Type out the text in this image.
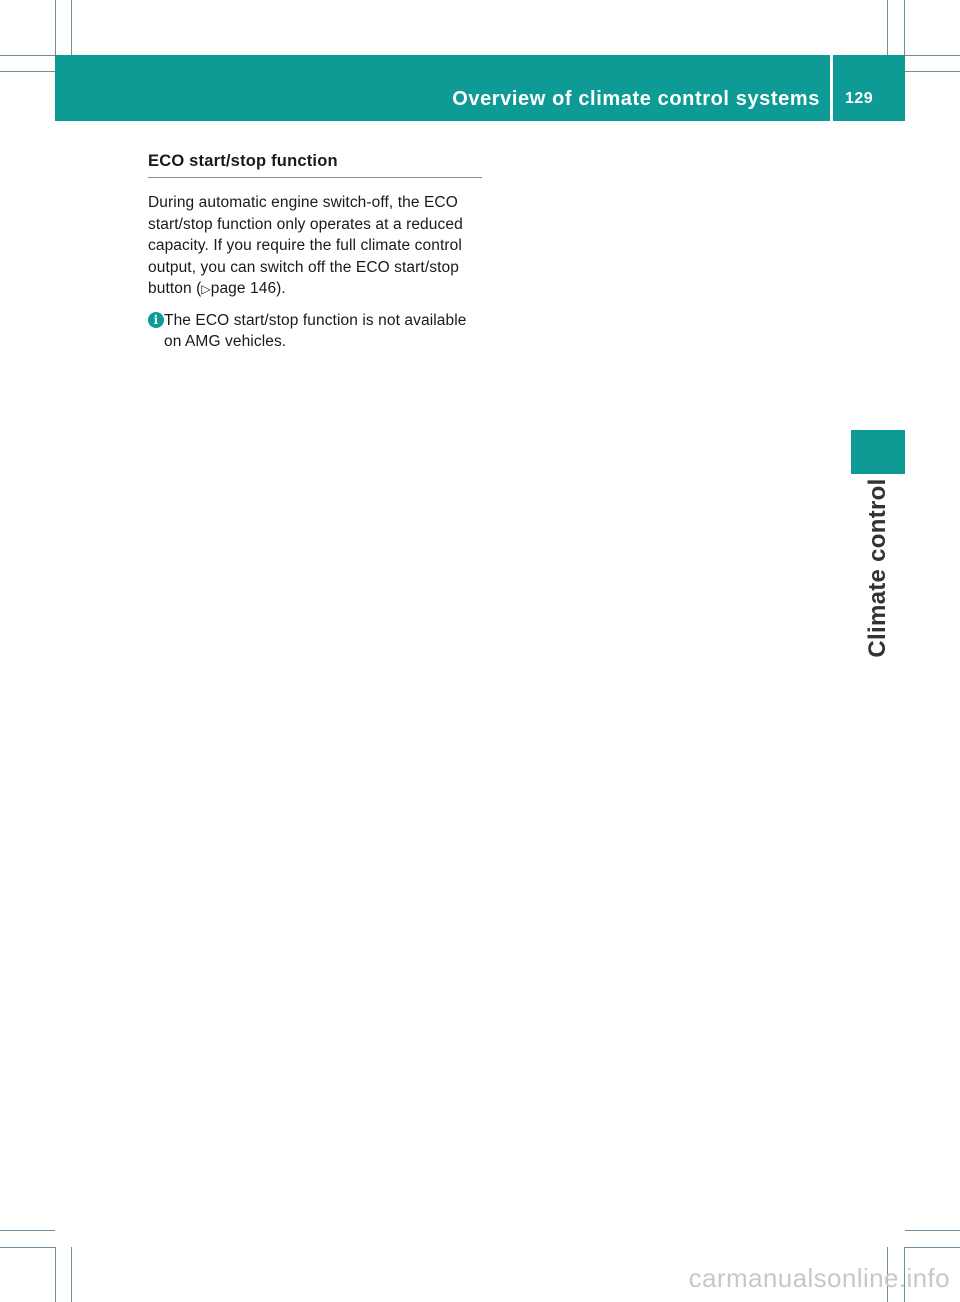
Overview of climate control systems 129
Climate control
ECO start/stop function

During automatic engine switch-off, the ECO start/stop function only operates at a reduced capacity. If you require the full climate control output, you can switch off the ECO start/stop button (▷page 146).

i The ECO start/stop function is not available on AMG vehicles.
carmanualsonline.info
